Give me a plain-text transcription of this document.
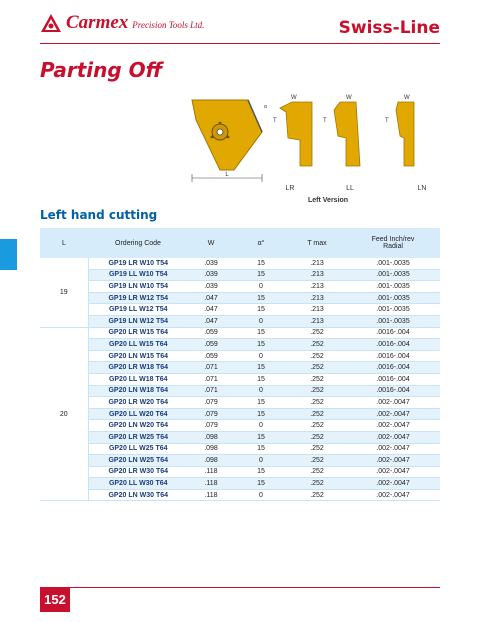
Carmex Precision Tools Ltd.	Swiss-Line
Parting Off
L
W
α
T
LR
W
T
LL
W
T
LN
Left Version
Left hand cutting
L	Ordering Code	W	α°	T max	Feed Inch/rev
Radial

19	GP19 LR W10 T54	.039	15	.213	.001-.0035
	GP19 LL W10 T54	.039	15	.213	.001-.0035
	GP19 LN W10 T54	.039	0	.213	.001-.0035
	GP19 LR W12 T54	.047	15	.213	.001-.0035
	GP19 LL W12 T54	.047	15	.213	.001-.0035
	GP19 LN W12 T54	.047	0	.213	.001-.0035
20	GP20 LR W15 T64	.059	15	.252	.0016-.004
	GP20 LL W15 T64	.059	15	.252	.0016-.004
	GP20 LN W15 T64	.059	0	.252	.0016-.004
	GP20 LR W18 T64	.071	15	.252	.0016-.004
	GP20 LL W18 T64	.071	15	.252	.0016-.004
	GP20 LN W18 T64	.071	0	.252	.0016-.004
	GP20 LR W20 T64	.079	15	.252	.002-.0047
	GP20 LL W20 T64	.079	15	.252	.002-.0047
	GP20 LN W20 T64	.079	0	.252	.002-.0047
	GP20 LR W25 T64	.098	15	.252	.002-.0047
	GP20 LL W25 T64	.098	15	.252	.002-.0047
	GP20 LN W25 T64	.098	0	.252	.002-.0047
	GP20 LR W30 T64	.118	15	.252	.002-.0047
	GP20 LL W30 T64	.118	15	.252	.002-.0047
	GP20 LN W30 T64	.118	0	.252	.002-.0047
152
